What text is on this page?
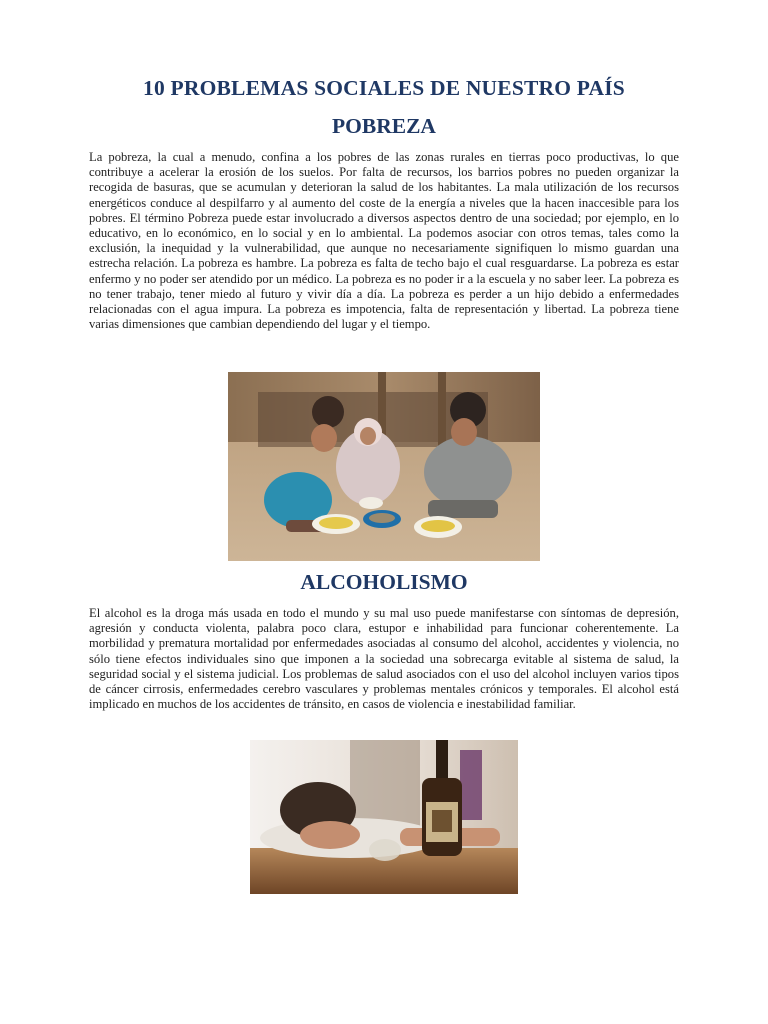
10 PROBLEMAS SOCIALES DE NUESTRO PAÍS
POBREZA

La pobreza, la cual a menudo, confina a los pobres de las zonas rurales en tierras poco productivas, lo que contribuye a acelerar la erosión de los suelos. Por falta de recursos, los barrios pobres no pueden organizar la recogida de basuras, que se acumulan y deterioran la salud de los habitantes. La mala utilización de los recursos energéticos conduce al despilfarro y al aumento del coste de la energía a niveles que la hacen inaccesible para los pobres. El término Pobreza puede estar involucrado a diversos aspectos dentro de una sociedad; por ejemplo, en lo educativo, en lo económico, en lo social y en lo ambiental. La podemos asociar con otros temas, tales como la exclusión, la inequidad y la vulnerabilidad, que aunque no necesariamente signifiquen lo mismo guardan una estrecha relación. La pobreza es hambre. La pobreza es falta de techo bajo el cual resguardarse. La pobreza es estar enfermo y no poder ser atendido por un médico. La pobreza es no poder ir a la escuela y no saber leer. La pobreza es no tener trabajo, tener miedo al futuro y vivir día a día. La pobreza es perder a un hijo debido a enfermedades relacionadas con el agua impura. La pobreza es impotencia, falta de representación y libertad. La pobreza tiene varias dimensiones que cambian dependiendo del lugar y el tiempo.

ALCOHOLISMO

El alcohol es la droga más usada en todo el mundo y su mal uso puede manifestarse con síntomas de depresión, agresión y conducta violenta, palabra poco clara, estupor e inhabilidad para funcionar coherentemente. La morbilidad y prematura mortalidad por enfermedades asociadas al consumo del alcohol, accidentes y violencia, no sólo tiene efectos individuales sino que imponen a la sociedad una sobrecarga evitable al sistema de salud, la seguridad social y el sistema judicial. Los problemas de salud asociados con el uso del alcohol incluyen varios tipos de cáncer cirrosis, enfermedades cerebro vasculares y problemas mentales crónicos y temporales. El alcohol está implicado en muchos de los accidentes de tránsito, en casos de violencia e inestabilidad familiar.
